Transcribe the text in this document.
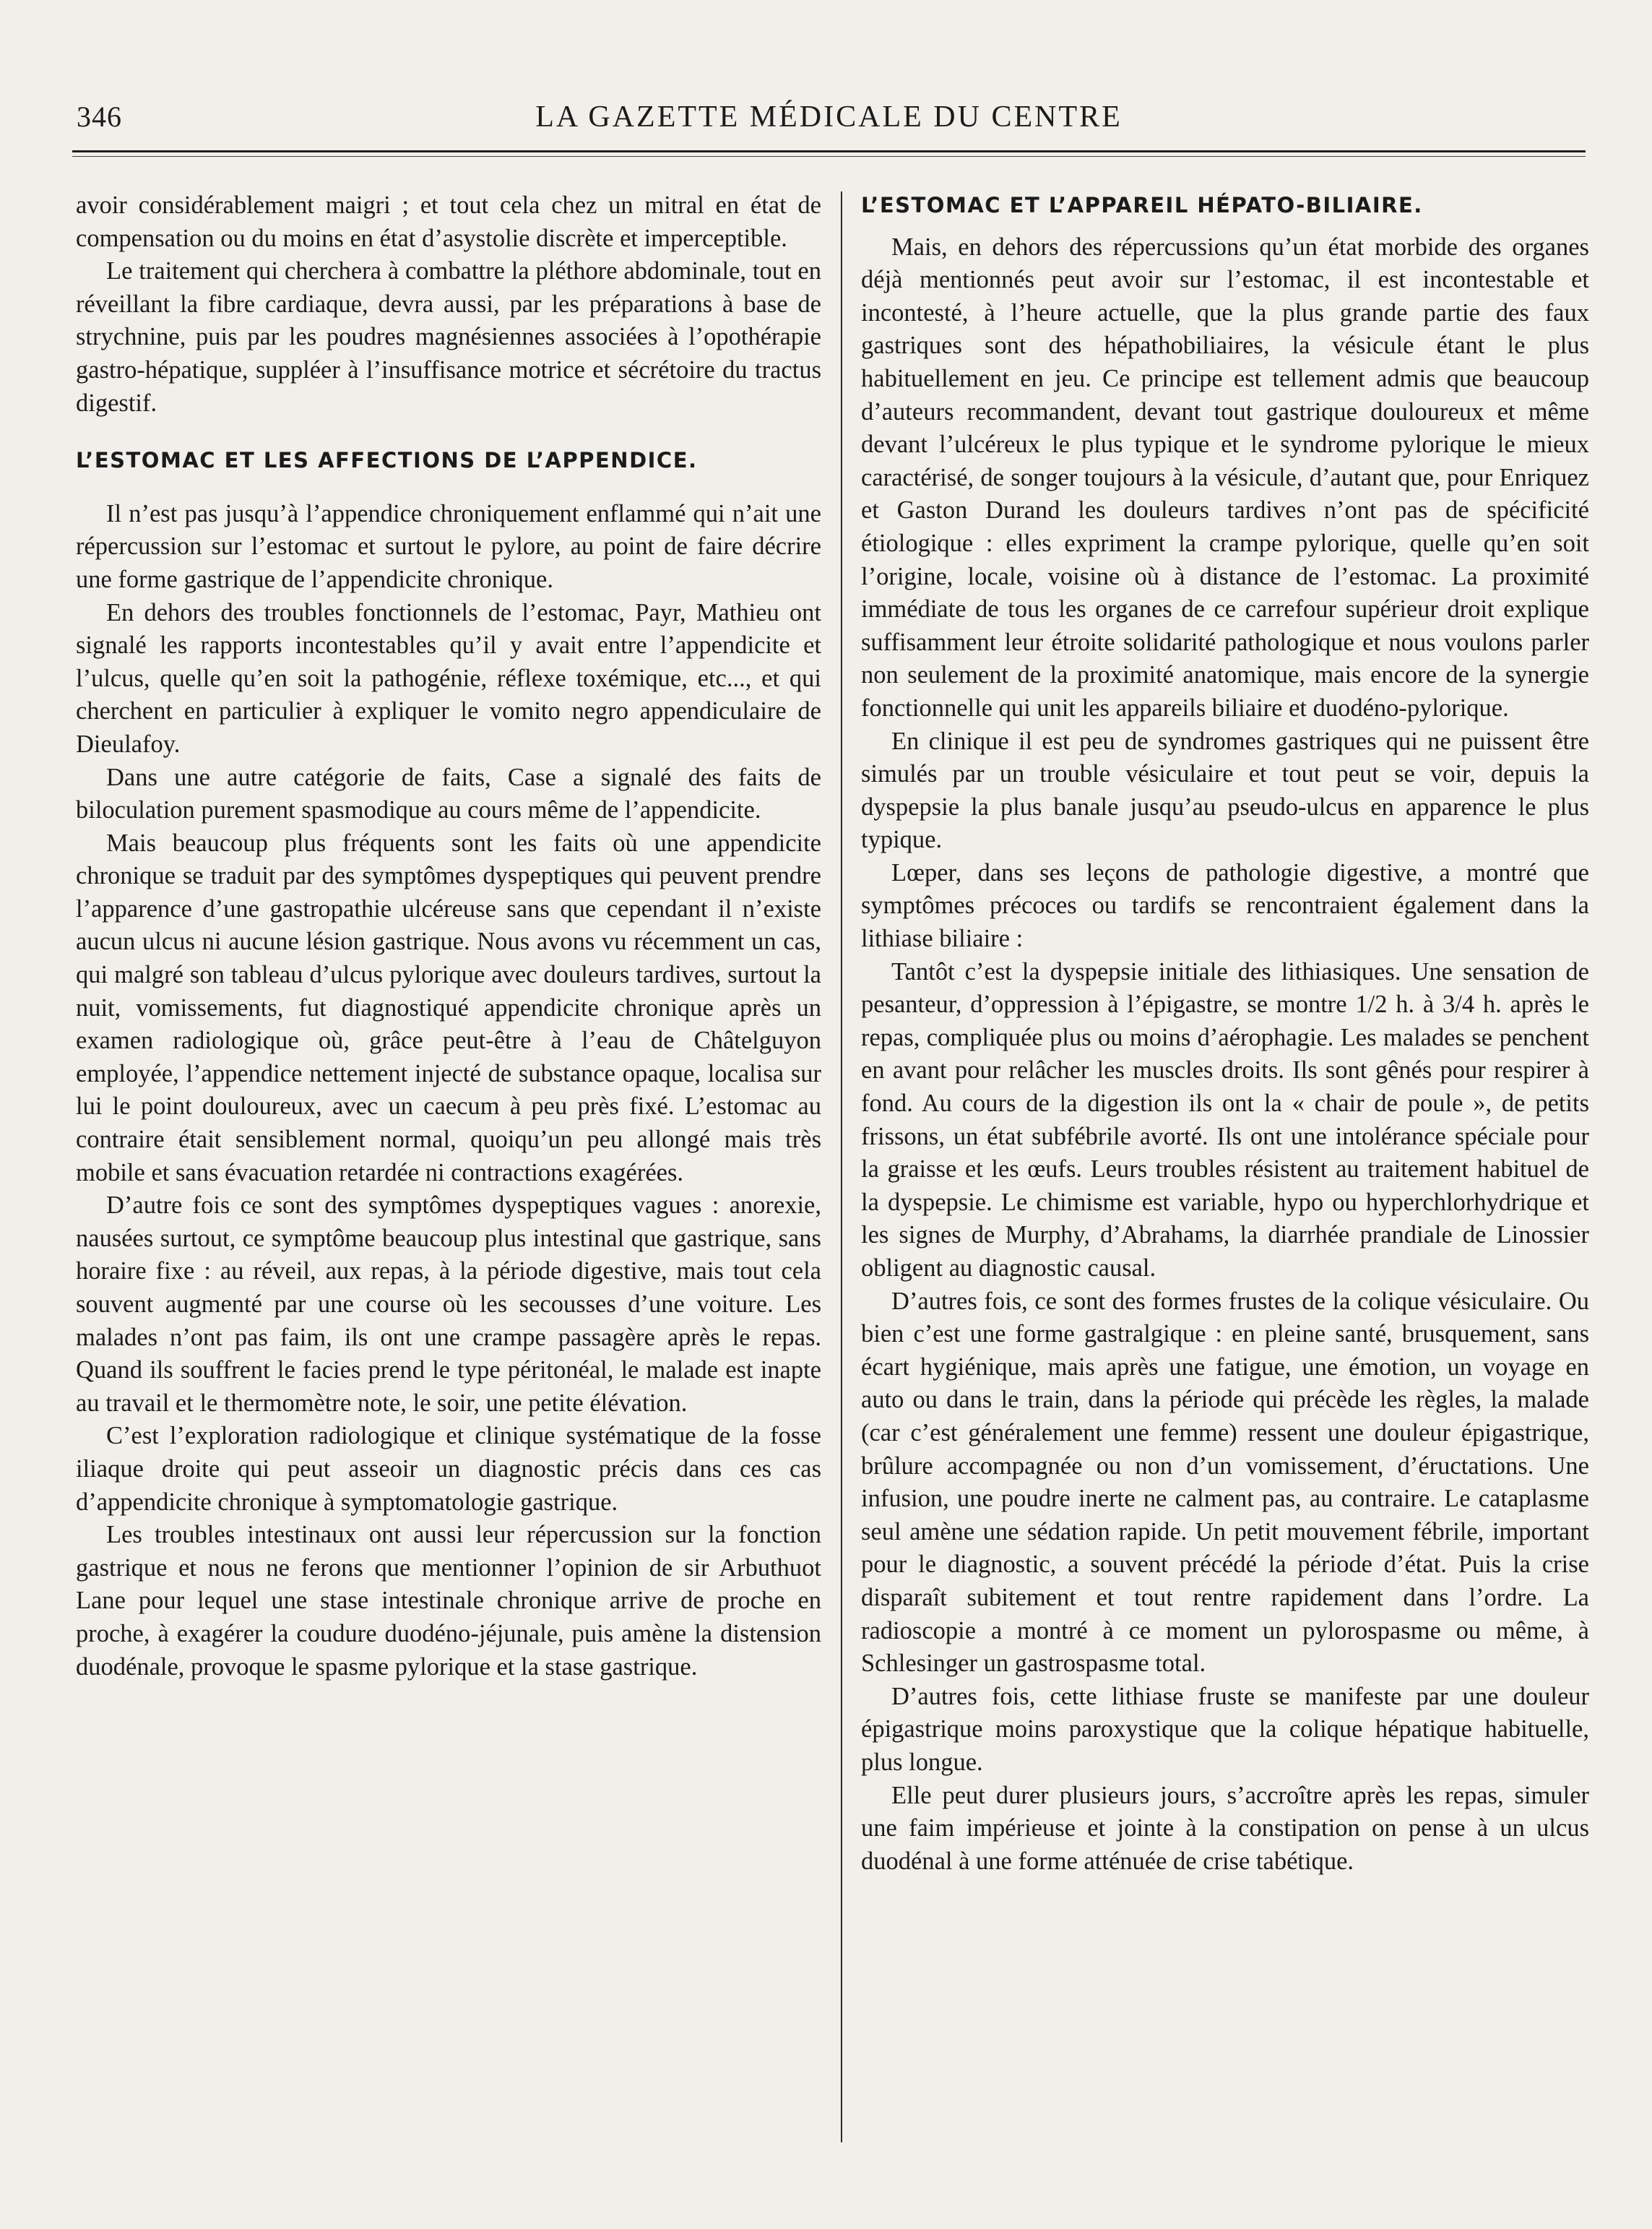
346	LA GAZETTE MÉDICALE DU CENTRE

avoir considérablement maigri ; et tout cela chez un mitral en état de compensation ou du moins en état d’asystolie discrète et imperceptible.

Le traitement qui cherchera à combattre la pléthore abdominale, tout en réveillant la fibre cardiaque, devra aussi, par les préparations à base de strychnine, puis par les poudres magnésiennes associées à l’opothérapie gastro-hépatique, suppléer à l’insuffisance motrice et sécrétoire du tractus digestif.

L’ESTOMAC ET LES AFFECTIONS DE L’APPENDICE.

Il n’est pas jusqu’à l’appendice chroniquement enflammé qui n’ait une répercussion sur l’estomac et surtout le pylore, au point de faire décrire une forme gastrique de l’appendicite chronique.

En dehors des troubles fonctionnels de l’estomac, Payr, Mathieu ont signalé les rapports incontestables qu’il y avait entre l’appendicite et l’ulcus, quelle qu’en soit la pathogénie, réflexe toxémique, etc..., et qui cherchent en particulier à expliquer le vomito negro appendiculaire de Dieulafoy.

Dans une autre catégorie de faits, Case a signalé des faits de biloculation purement spasmodique au cours même de l’appendicite.

Mais beaucoup plus fréquents sont les faits où une appendicite chronique se traduit par des symptômes dyspeptiques qui peuvent prendre l’apparence d’une gastropathie ulcéreuse sans que cependant il n’existe aucun ulcus ni aucune lésion gastrique. Nous avons vu récemment un cas, qui malgré son tableau d’ulcus pylorique avec douleurs tardives, surtout la nuit, vomissements, fut diagnostiqué appendicite chronique après un examen radiologique où, grâce peut-être à l’eau de Châtelguyon employée, l’appendice nettement injecté de substance opaque, localisa sur lui le point douloureux, avec un caecum à peu près fixé. L’estomac au contraire était sensiblement normal, quoiqu’un peu allongé mais très mobile et sans évacuation retardée ni contractions exagérées.

D’autre fois ce sont des symptômes dyspeptiques vagues : anorexie, nausées surtout, ce symptôme beaucoup plus intestinal que gastrique, sans horaire fixe : au réveil, aux repas, à la période digestive, mais tout cela souvent augmenté par une course où les secousses d’une voiture. Les malades n’ont pas faim, ils ont une crampe passagère après le repas. Quand ils souffrent le facies prend le type péritonéal, le malade est inapte au travail et le thermomètre note, le soir, une petite élévation.

C’est l’exploration radiologique et clinique systématique de la fosse iliaque droite qui peut asseoir un diagnostic précis dans ces cas d’appendicite chronique à symptomatologie gastrique.

Les troubles intestinaux ont aussi leur répercussion sur la fonction gastrique et nous ne ferons que mentionner l’opinion de sir Arbuthuot Lane pour lequel une stase intestinale chronique arrive de proche en proche, à exagérer la coudure duodéno-jéjunale, puis amène la distension duodénale, provoque le spasme pylorique et la stase gastrique.

L’ESTOMAC ET L’APPAREIL HÉPATO-BILIAIRE.

Mais, en dehors des répercussions qu’un état morbide des organes déjà mentionnés peut avoir sur l’estomac, il est incontestable et incontesté, à l’heure actuelle, que la plus grande partie des faux gastriques sont des hépathobiliaires, la vésicule étant le plus habituellement en jeu. Ce principe est tellement admis que beaucoup d’auteurs recommandent, devant tout gastrique douloureux et même devant l’ulcéreux le plus typique et le syndrome pylorique le mieux caractérisé, de songer toujours à la vésicule, d’autant que, pour Enriquez et Gaston Durand les douleurs tardives n’ont pas de spécificité étiologique : elles expriment la crampe pylorique, quelle qu’en soit l’origine, locale, voisine où à distance de l’estomac. La proximité immédiate de tous les organes de ce carrefour supérieur droit explique suffisamment leur étroite solidarité pathologique et nous voulons parler non seulement de la proximité anatomique, mais encore de la synergie fonctionnelle qui unit les appareils biliaire et duodéno-pylorique.

En clinique il est peu de syndromes gastriques qui ne puissent être simulés par un trouble vésiculaire et tout peut se voir, depuis la dyspepsie la plus banale jusqu’au pseudo-ulcus en apparence le plus typique.

Lœper, dans ses leçons de pathologie digestive, a montré que symptômes précoces ou tardifs se rencontraient également dans la lithiase biliaire :

Tantôt c’est la dyspepsie initiale des lithiasiques. Une sensation de pesanteur, d’oppression à l’épigastre, se montre 1/2 h. à 3/4 h. après le repas, compliquée plus ou moins d’aérophagie. Les malades se penchent en avant pour relâcher les muscles droits. Ils sont gênés pour respirer à fond. Au cours de la digestion ils ont la « chair de poule », de petits frissons, un état subfébrile avorté. Ils ont une intolérance spéciale pour la graisse et les œufs. Leurs troubles résistent au traitement habituel de la dyspepsie. Le chimisme est variable, hypo ou hyperchlorhydrique et les signes de Murphy, d’Abrahams, la diarrhée prandiale de Linossier obligent au diagnostic causal.

D’autres fois, ce sont des formes frustes de la colique vésiculaire. Ou bien c’est une forme gastralgique : en pleine santé, brusquement, sans écart hygiénique, mais après une fatigue, une émotion, un voyage en auto ou dans le train, dans la période qui précède les règles, la malade (car c’est généralement une femme) ressent une douleur épigastrique, brûlure accompagnée ou non d’un vomissement, d’éructations. Une infusion, une poudre inerte ne calment pas, au contraire. Le cataplasme seul amène une sédation rapide. Un petit mouvement fébrile, important pour le diagnostic, a souvent précédé la période d’état. Puis la crise disparaît subitement et tout rentre rapidement dans l’ordre. La radioscopie a montré à ce moment un pylorospasme ou même, à Schlesinger un gastrospasme total.

D’autres fois, cette lithiase fruste se manifeste par une douleur épigastrique moins paroxystique que la colique hépatique habituelle, plus longue.

Elle peut durer plusieurs jours, s’accroître après les repas, simuler une faim impérieuse et jointe à la constipation on pense à un ulcus duodénal à une forme atténuée de crise tabétique.
